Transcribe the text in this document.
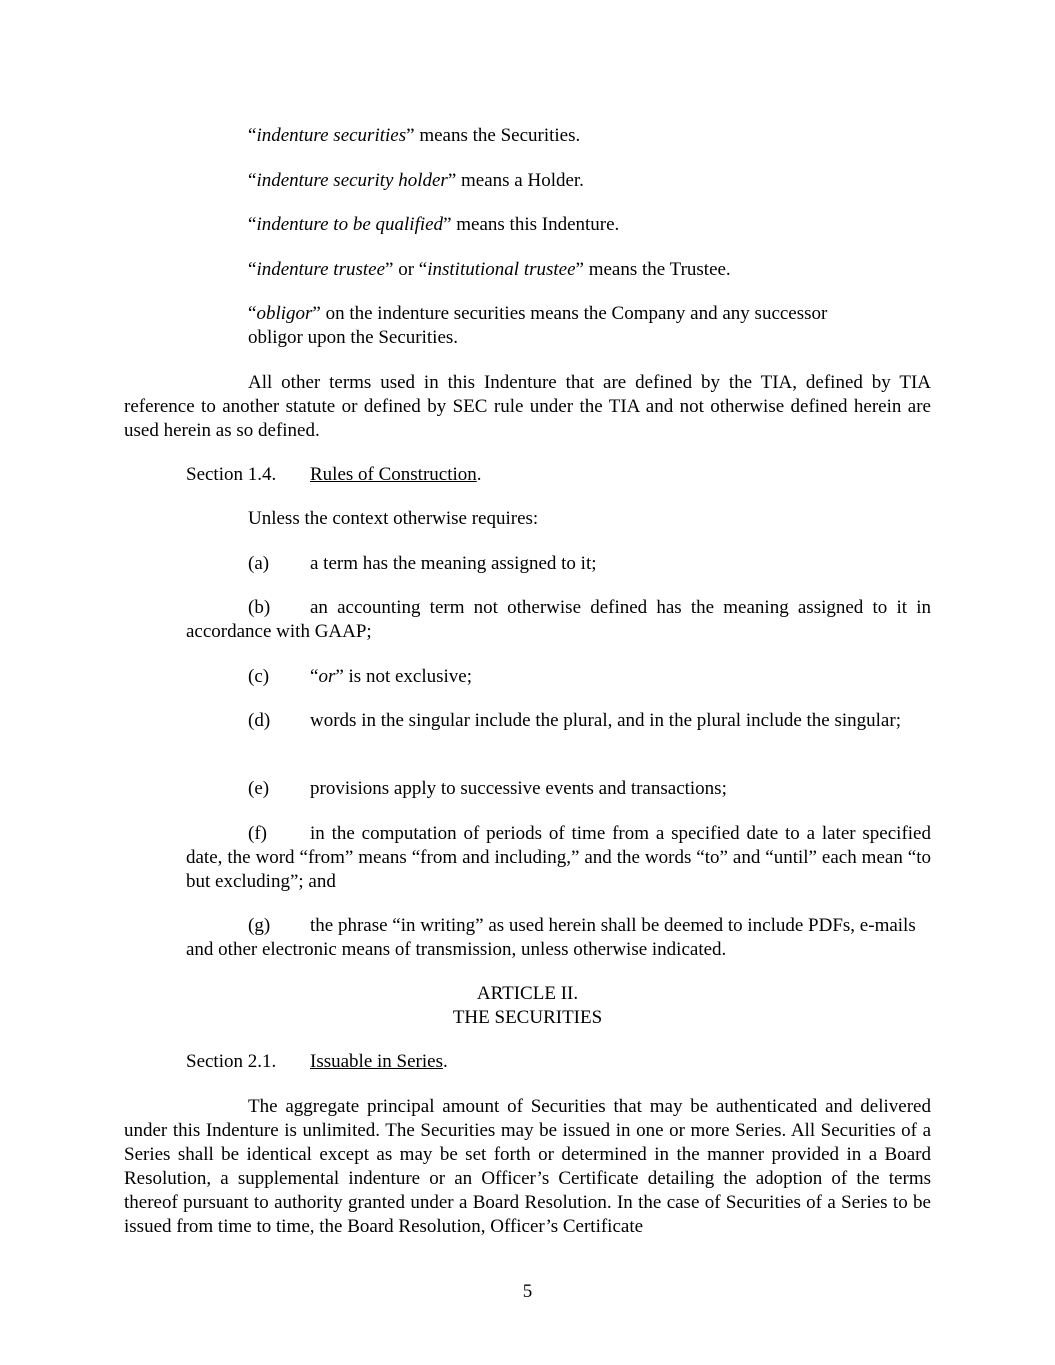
“indenture securities” means the Securities.

“indenture security holder” means a Holder.

“indenture to be qualified” means this Indenture.

“indenture trustee” or “institutional trustee” means the Trustee.

“obligor” on the indenture securities means the Company and any successor obligor upon the Securities.

All other terms used in this Indenture that are defined by the TIA, defined by TIA reference to another statute or defined by SEC rule under the TIA and not otherwise defined herein are used herein as so defined.

Section 1.4. Rules of Construction.

Unless the context otherwise requires:

(a) a term has the meaning assigned to it;

(b) an accounting term not otherwise defined has the meaning assigned to it in accordance with GAAP;

(c) “or” is not exclusive;

(d) words in the singular include the plural, and in the plural include the singular;

(e) provisions apply to successive events and transactions;

(f) in the computation of periods of time from a specified date to a later specified date, the word “from” means “from and including,” and the words “to” and “until” each mean “to but excluding”; and

(g) the phrase “in writing” as used herein shall be deemed to include PDFs, e-mails and other electronic means of transmission, unless otherwise indicated.

ARTICLE II.
THE SECURITIES

Section 2.1. Issuable in Series.

The aggregate principal amount of Securities that may be authenticated and delivered under this Indenture is unlimited. The Securities may be issued in one or more Series. All Securities of a Series shall be identical except as may be set forth or determined in the manner provided in a Board Resolution, a supplemental indenture or an Officer’s Certificate detailing the adoption of the terms thereof pursuant to authority granted under a Board Resolution. In the case of Securities of a Series to be issued from time to time, the Board Resolution, Officer’s Certificate

5
